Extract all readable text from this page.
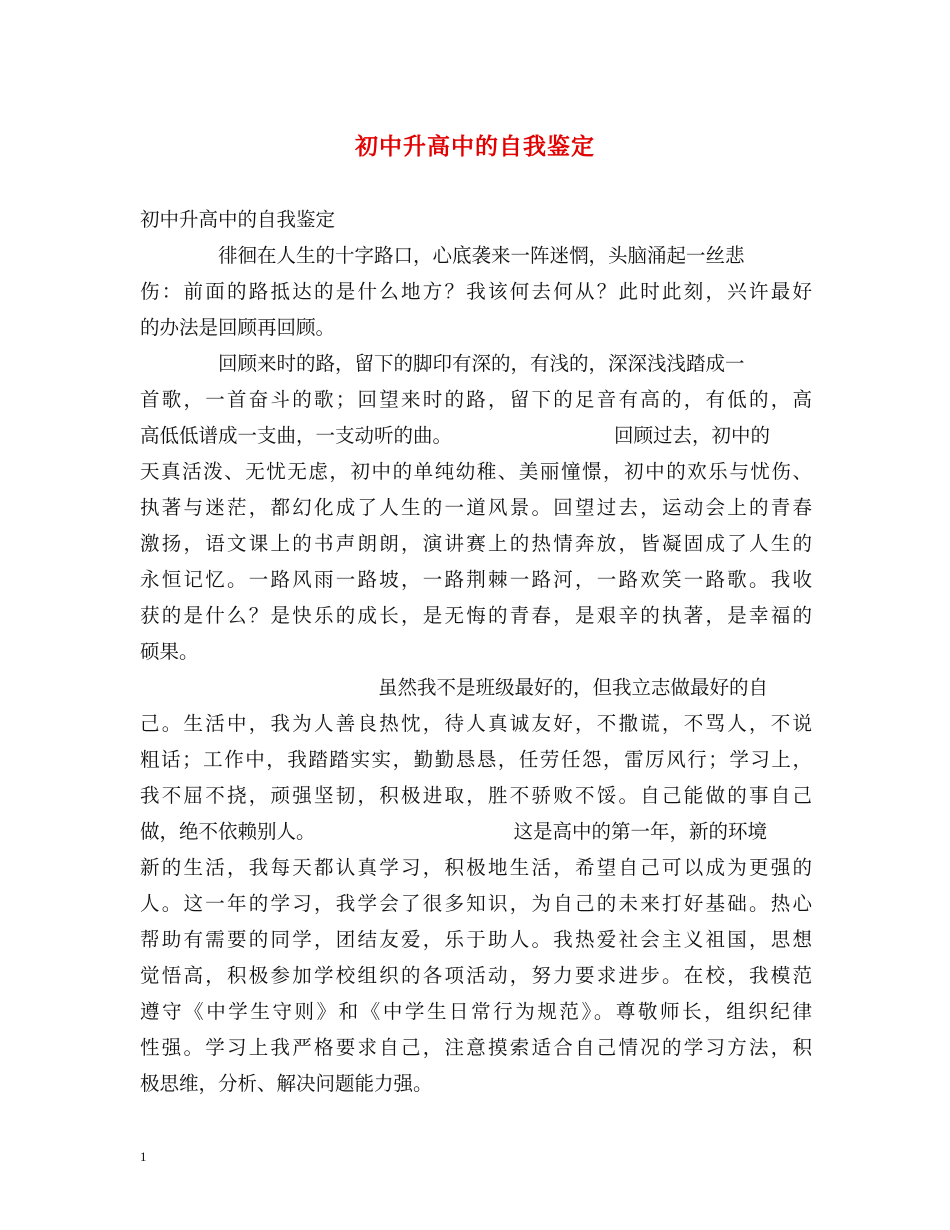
初中升高中的自我鉴定
初中升高中的自我鉴定
徘徊在人生的十字路口，心底袭来一阵迷惘，头脑涌起一丝悲
伤：前面的路抵达的是什么地方？我该何去何从？此时此刻，兴许最好
的办法是回顾再回顾。
回顾来时的路，留下的脚印有深的，有浅的，深深浅浅踏成一
首歌，一首奋斗的歌；回望来时的路，留下的足音有高的，有低的，高
高低低谱成一支曲，一支动听的曲。	回顾过去，初中的
天真活泼、无忧无虑，初中的单纯幼稚、美丽憧憬，初中的欢乐与忧伤、
执著与迷茫，都幻化成了人生的一道风景。回望过去，运动会上的青春
激扬，语文课上的书声朗朗，演讲赛上的热情奔放，皆凝固成了人生的
永恒记忆。一路风雨一路坡，一路荆棘一路河，一路欢笑一路歌。我收
获的是什么？是快乐的成长，是无悔的青春，是艰辛的执著，是幸福的
硕果。
虽然我不是班级最好的，但我立志做最好的自
己。生活中，我为人善良热忱，待人真诚友好，不撒谎，不骂人，不说
粗话；工作中，我踏踏实实，勤勤恳恳，任劳任怨，雷厉风行；学习上，
我不屈不挠，顽强坚韧，积极进取，胜不骄败不馁。自己能做的事自己
做，绝不依赖别人。	这是高中的第一年，新的环境
新的生活，我每天都认真学习，积极地生活，希望自己可以成为更强的
人。这一年的学习，我学会了很多知识，为自己的未来打好基础。热心
帮助有需要的同学，团结友爱，乐于助人。我热爱社会主义祖国，思想
觉悟高，积极参加学校组织的各项活动，努力要求进步。在校，我模范
遵守《中学生守则》和《中学生日常行为规范》。尊敬师长，组织纪律
性强。学习上我严格要求自己，注意摸索适合自己情况的学习方法，积
极思维，分析、解决问题能力强。
1
